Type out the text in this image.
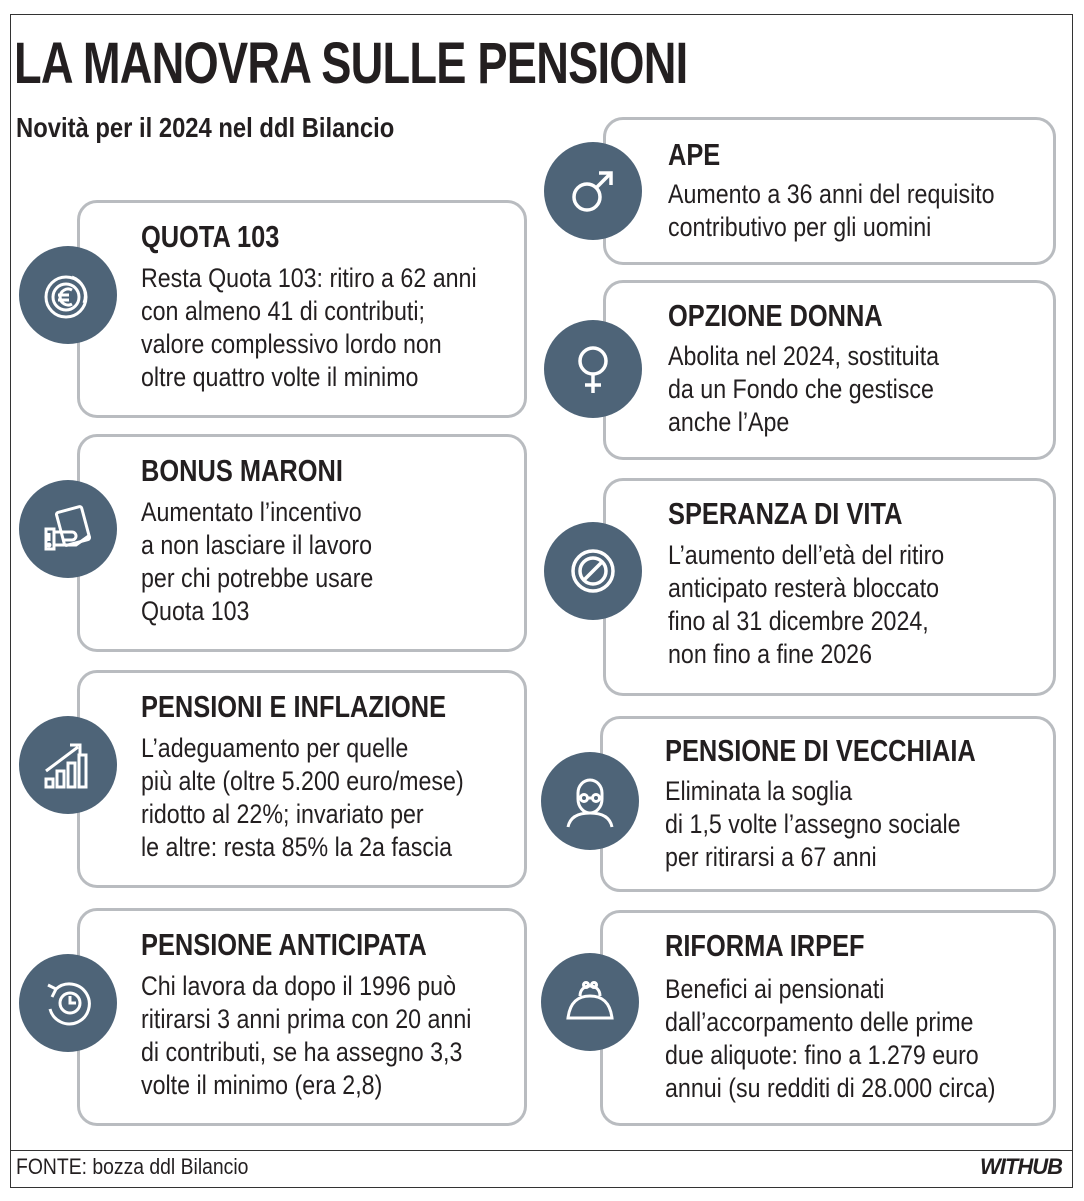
LA MANOVRA SULLE PENSIONI
Novità per il 2024 nel ddl Bilancio
QUOTA 103
Resta Quota 103: ritiro a 62 anni
con almeno 41 di contributi;
valore complessivo lordo non
oltre quattro volte il minimo
BONUS MARONI
Aumentato l’incentivo
a non lasciare il lavoro
per chi potrebbe usare
Quota 103
PENSIONI E INFLAZIONE
L’adeguamento per quelle
più alte (oltre 5.200 euro/mese)
ridotto al 22%; invariato per
le altre: resta 85% la 2a fascia
PENSIONE ANTICIPATA
Chi lavora da dopo il 1996 può
ritirarsi 3 anni prima con 20 anni
di contributi, se ha assegno 3,3
volte il minimo (era 2,8)
APE
Aumento a 36 anni del requisito
contributivo per gli uomini
OPZIONE DONNA
Abolita nel 2024, sostituita
da un Fondo che gestisce
anche l’Ape
SPERANZA DI VITA
L’aumento dell’età del ritiro
anticipato resterà bloccato
fino al 31 dicembre 2024,
non fino a fine 2026
PENSIONE DI VECCHIAIA
Eliminata la soglia
di 1,5 volte l’assegno sociale
per ritirarsi a 67 anni
RIFORMA IRPEF
Benefici ai pensionati
dall’accorpamento delle prime
due aliquote: fino a 1.279 euro
annui (su redditi di 28.000 circa)
FONTE: bozza ddl Bilancio	WITHUB
